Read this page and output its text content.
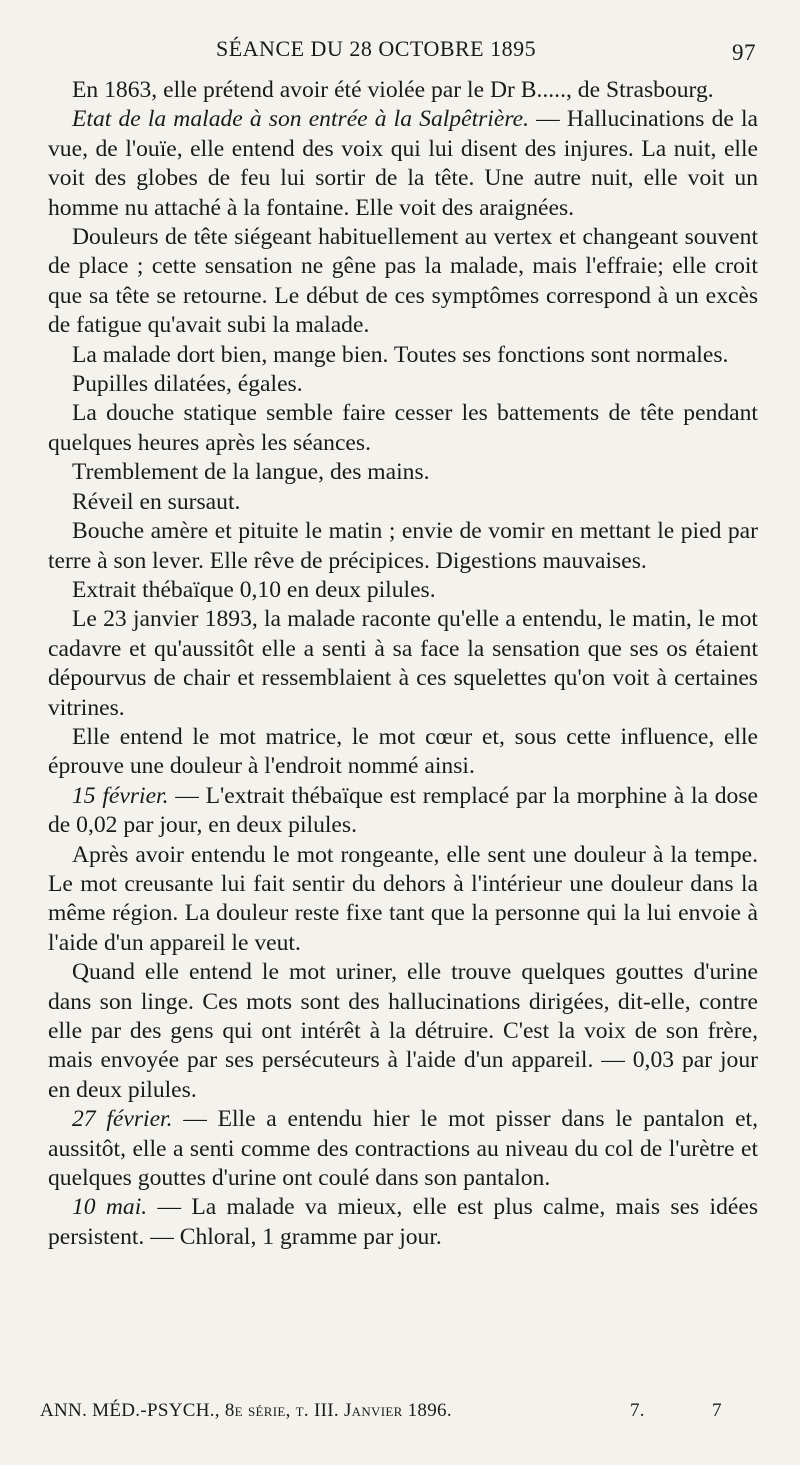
SÉANCE DU 28 OCTOBRE 1895	97

En 1863, elle prétend avoir été violée par le Dr B....., de Strasbourg.

Etat de la malade à son entrée à la Salpêtrière. — Hallucinations de la vue, de l'ouïe, elle entend des voix qui lui disent des injures. La nuit, elle voit des globes de feu lui sortir de la tête. Une autre nuit, elle voit un homme nu attaché à la fontaine. Elle voit des araignées.

Douleurs de tête siégeant habituellement au vertex et changeant souvent de place ; cette sensation ne gêne pas la malade, mais l'effraie; elle croit que sa tête se retourne. Le début de ces symptômes correspond à un excès de fatigue qu'avait subi la malade.

La malade dort bien, mange bien. Toutes ses fonctions sont normales.

Pupilles dilatées, égales.

La douche statique semble faire cesser les battements de tête pendant quelques heures après les séances.

Tremblement de la langue, des mains.

Réveil en sursaut.

Bouche amère et pituite le matin ; envie de vomir en mettant le pied par terre à son lever. Elle rêve de précipices. Digestions mauvaises.

Extrait thébaïque 0,10 en deux pilules.

Le 23 janvier 1893, la malade raconte qu'elle a entendu, le matin, le mot cadavre et qu'aussitôt elle a senti à sa face la sensation que ses os étaient dépourvus de chair et ressemblaient à ces squelettes qu'on voit à certaines vitrines.

Elle entend le mot matrice, le mot cœur et, sous cette influence, elle éprouve une douleur à l'endroit nommé ainsi.

15 février. — L'extrait thébaïque est remplacé par la morphine à la dose de 0,02 par jour, en deux pilules.

Après avoir entendu le mot rongeante, elle sent une douleur à la tempe. Le mot creusante lui fait sentir du dehors à l'intérieur une douleur dans la même région. La douleur reste fixe tant que la personne qui la lui envoie à l'aide d'un appareil le veut.

Quand elle entend le mot uriner, elle trouve quelques gouttes d'urine dans son linge. Ces mots sont des hallucinations dirigées, dit-elle, contre elle par des gens qui ont intérêt à la détruire. C'est la voix de son frère, mais envoyée par ses persécuteurs à l'aide d'un appareil. — 0,03 par jour en deux pilules.

27 février. — Elle a entendu hier le mot pisser dans le pantalon et, aussitôt, elle a senti comme des contractions au niveau du col de l'urètre et quelques gouttes d'urine ont coulé dans son pantalon.

10 mai. — La malade va mieux, elle est plus calme, mais ses idées persistent. — Chloral, 1 gramme par jour.

ANN. MÉD.-PSYCH., 8e série, t. III. Janvier 1896.	7.	7
